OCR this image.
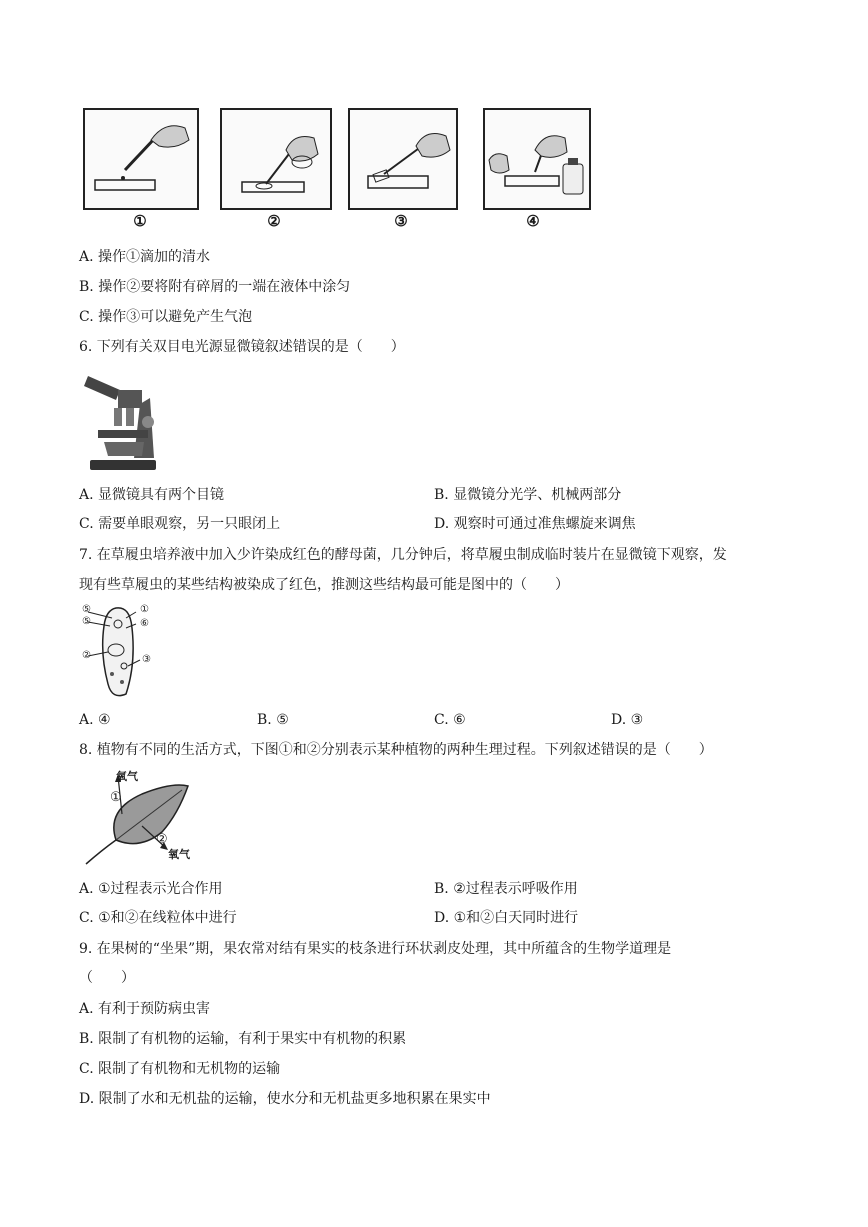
①	②	③	④
A. 操作①滴加的清水
B. 操作②要将附有碎屑的一端在液体中涂匀
C. 操作③可以避免产生气泡
6. 下列有关双目电光源显微镜叙述错误的是（　　）
A. 显微镜具有两个目镜	B. 显微镜分光学、机械两部分
C. 需要单眼观察，另一只眼闭上	D. 观察时可通过准焦螺旋来调焦
7. 在草履虫培养液中加入少许染成红色的酵母菌，几分钟后，将草履虫制成临时装片在显微镜下观察，发
现有些草履虫的某些结构被染成了红色，推测这些结构最可能是图中的（　　）
⑤	①
⑤
②
⑥
③
A. ④	B. ⑤	C. ⑥	D. ③
8. 植物有不同的生活方式，下图①和②分别表示某种植物的两种生理过程。下列叙述错误的是（　　）
氧气
①
②
氧气
A. ①过程表示光合作用	B. ②过程表示呼吸作用
C. ①和②在线粒体中进行	D. ①和②白天同时进行
9. 在果树的“坐果”期，果农常对结有果实的枝条进行环状剥皮处理，其中所蕴含的生物学道理是
（　　）
A. 有利于预防病虫害
B. 限制了有机物的运输，有利于果实中有机物的积累
C. 限制了有机物和无机物的运输
D. 限制了水和无机盐的运输，使水分和无机盐更多地积累在果实中
